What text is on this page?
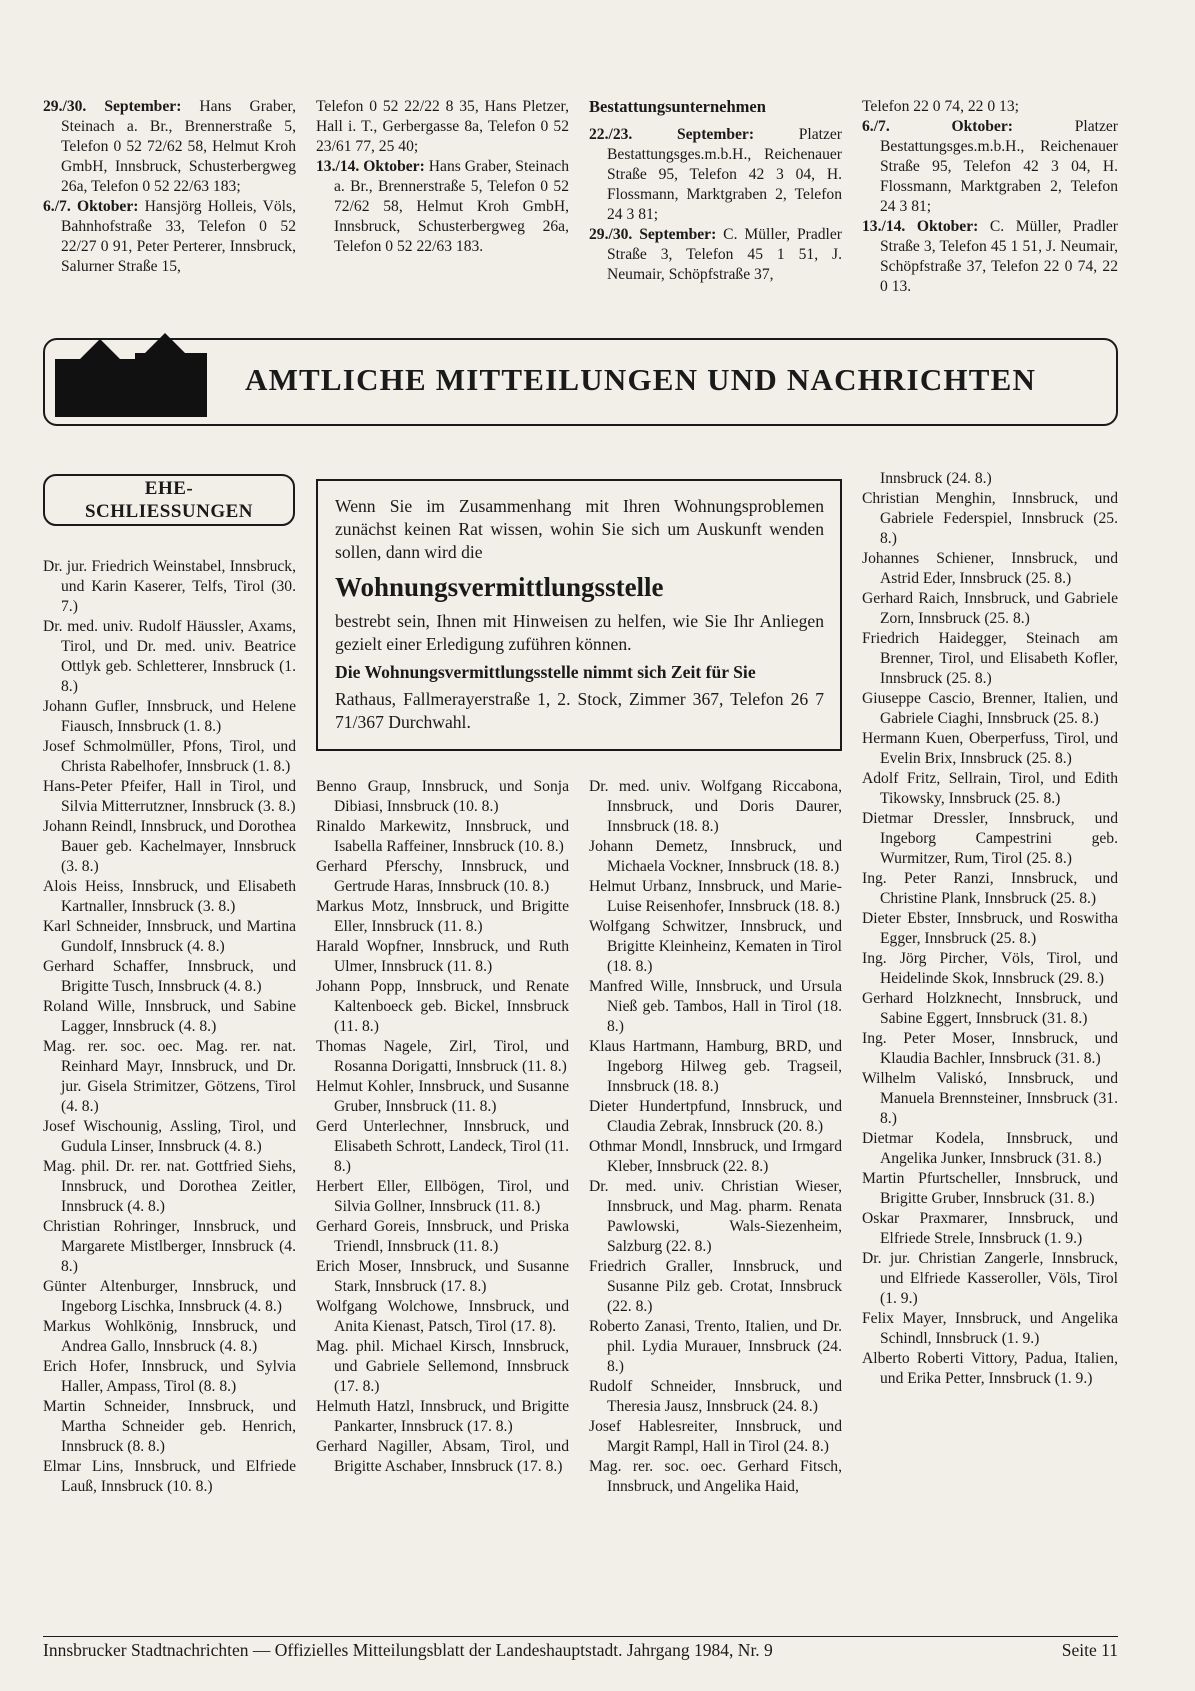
29./30. September: Hans Graber, Steinach a. Br., Brennerstraße 5, Telefon 0 52 72/62 58, Helmut Kroh GmbH, Innsbruck, Schusterbergweg 26a, Telefon 0 52 22/63 183;

6./7. Oktober: Hansjörg Holleis, Völs, Bahnhofstraße 33, Telefon 0 52 22/27 0 91, Peter Perterer, Innsbruck, Salurner Straße 15,

Telefon 0 52 22/22 8 35, Hans Pletzer, Hall i. T., Gerbergasse 8a, Telefon 0 52 23/61 77, 25 40;

13./14. Oktober: Hans Graber, Steinach a. Br., Brennerstraße 5, Telefon 0 52 72/62 58, Helmut Kroh GmbH, Innsbruck, Schusterbergweg 26a, Telefon 0 52 22/63 183.

Bestattungsunternehmen

22./23. September: Platzer Bestattungsges.m.b.H., Reichenauer Straße 95, Telefon 42 3 04, H. Flossmann, Marktgraben 2, Telefon 24 3 81;

29./30. September: C. Müller, Pradler Straße 3, Telefon 45 1 51, J. Neumair, Schöpfstraße 37,

Telefon 22 0 74, 22 0 13;

6./7. Oktober: Platzer Bestattungsges.m.b.H., Reichenauer Straße 95, Telefon 42 3 04, H. Flossmann, Marktgraben 2, Telefon 24 3 81;

13./14. Oktober: C. Müller, Pradler Straße 3, Telefon 45 1 51, J. Neumair, Schöpfstraße 37, Telefon 22 0 74, 22 0 13.

AMTLICHE MITTEILUNGEN UND NACHRICHTEN
EHE-
SCHLIESSUNGEN	Wenn Sie im Zusammenhang mit Ihren Wohnungsproblemen zunächst keinen Rat wissen, wohin Sie sich um Auskunft wenden sollen, dann wird die

Wohnungsvermittlungsstelle

bestrebt sein, Ihnen mit Hinweisen zu helfen, wie Sie Ihr Anliegen gezielt einer Erledigung zuführen können.

Die Wohnungsvermittlungsstelle nimmt sich Zeit für Sie

Rathaus, Fallmerayerstraße 1, 2. Stock, Zimmer 367, Telefon 26 7 71/367 Durchwahl.

Dr. jur. Friedrich Weinstabel, Innsbruck, und Karin Kaserer, Telfs, Tirol (30. 7.)

Dr. med. univ. Rudolf Häussler, Axams, Tirol, und Dr. med. univ. Beatrice Ottlyk geb. Schletterer, Innsbruck (1. 8.)

Johann Gufler, Innsbruck, und Helene Fiausch, Innsbruck (1. 8.)

Josef Schmolmüller, Pfons, Tirol, und Christa Rabelhofer, Innsbruck (1. 8.)

Hans-Peter Pfeifer, Hall in Tirol, und Silvia Mitterrutzner, Innsbruck (3. 8.)

Johann Reindl, Innsbruck, und Dorothea Bauer geb. Kachelmayer, Innsbruck (3. 8.)

Alois Heiss, Innsbruck, und Elisabeth Kartnaller, Innsbruck (3. 8.)

Karl Schneider, Innsbruck, und Martina Gundolf, Innsbruck (4. 8.)

Gerhard Schaffer, Innsbruck, und Brigitte Tusch, Innsbruck (4. 8.)

Roland Wille, Innsbruck, und Sabine Lagger, Innsbruck (4. 8.)

Mag. rer. soc. oec. Mag. rer. nat. Reinhard Mayr, Innsbruck, und Dr. jur. Gisela Strimitzer, Götzens, Tirol (4. 8.)

Josef Wischounig, Assling, Tirol, und Gudula Linser, Innsbruck (4. 8.)

Mag. phil. Dr. rer. nat. Gottfried Siehs, Innsbruck, und Dorothea Zeitler, Innsbruck (4. 8.)

Christian Rohringer, Innsbruck, und Margarete Mistlberger, Innsbruck (4. 8.)

Günter Altenburger, Innsbruck, und Ingeborg Lischka, Innsbruck (4. 8.)

Markus Wohlkönig, Innsbruck, und Andrea Gallo, Innsbruck (4. 8.)

Erich Hofer, Innsbruck, und Sylvia Haller, Ampass, Tirol (8. 8.)

Martin Schneider, Innsbruck, und Martha Schneider geb. Henrich, Innsbruck (8. 8.)

Elmar Lins, Innsbruck, und Elfriede Lauß, Innsbruck (10. 8.)

Benno Graup, Innsbruck, und Sonja Dibiasi, Innsbruck (10. 8.)

Rinaldo Markewitz, Innsbruck, und Isabella Raffeiner, Innsbruck (10. 8.)

Gerhard Pferschy, Innsbruck, und Gertrude Haras, Innsbruck (10. 8.)

Markus Motz, Innsbruck, und Brigitte Eller, Innsbruck (11. 8.)

Harald Wopfner, Innsbruck, und Ruth Ulmer, Innsbruck (11. 8.)

Johann Popp, Innsbruck, und Renate Kaltenboeck geb. Bickel, Innsbruck (11. 8.)

Thomas Nagele, Zirl, Tirol, und Rosanna Dorigatti, Innsbruck (11. 8.)

Helmut Kohler, Innsbruck, und Susanne Gruber, Innsbruck (11. 8.)

Gerd Unterlechner, Innsbruck, und Elisabeth Schrott, Landeck, Tirol (11. 8.)

Herbert Eller, Ellbögen, Tirol, und Silvia Gollner, Innsbruck (11. 8.)

Gerhard Goreis, Innsbruck, und Priska Triendl, Innsbruck (11. 8.)

Erich Moser, Innsbruck, und Susanne Stark, Innsbruck (17. 8.)

Wolfgang Wolchowe, Innsbruck, und Anita Kienast, Patsch, Tirol (17. 8).

Mag. phil. Michael Kirsch, Innsbruck, und Gabriele Sellemond, Innsbruck (17. 8.)

Helmuth Hatzl, Innsbruck, und Brigitte Pankarter, Innsbruck (17. 8.)

Gerhard Nagiller, Absam, Tirol, und Brigitte Aschaber, Innsbruck (17. 8.)

Dr. med. univ. Wolfgang Riccabona, Innsbruck, und Doris Daurer, Innsbruck (18. 8.)

Johann Demetz, Innsbruck, und Michaela Vockner, Innsbruck (18. 8.)

Helmut Urbanz, Innsbruck, und Marie-Luise Reisenhofer, Innsbruck (18. 8.)

Wolfgang Schwitzer, Innsbruck, und Brigitte Kleinheinz, Kematen in Tirol (18. 8.)

Manfred Wille, Innsbruck, und Ursula Nieß geb. Tambos, Hall in Tirol (18. 8.)

Klaus Hartmann, Hamburg, BRD, und Ingeborg Hilweg geb. Tragseil, Innsbruck (18. 8.)

Dieter Hundertpfund, Innsbruck, und Claudia Zebrak, Innsbruck (20. 8.)

Othmar Mondl, Innsbruck, und Irmgard Kleber, Innsbruck (22. 8.)

Dr. med. univ. Christian Wieser, Innsbruck, und Mag. pharm. Renata Pawlowski, Wals-Siezenheim, Salzburg (22. 8.)

Friedrich Graller, Innsbruck, und Susanne Pilz geb. Crotat, Innsbruck (22. 8.)

Roberto Zanasi, Trento, Italien, und Dr. phil. Lydia Murauer, Innsbruck (24. 8.)

Rudolf Schneider, Innsbruck, und Theresia Jausz, Innsbruck (24. 8.)

Josef Hablesreiter, Innsbruck, und Margit Rampl, Hall in Tirol (24. 8.)

Mag. rer. soc. oec. Gerhard Fitsch, Innsbruck, und Angelika Haid,

Innsbruck (24. 8.)

Christian Menghin, Innsbruck, und Gabriele Federspiel, Innsbruck (25. 8.)

Johannes Schiener, Innsbruck, und Astrid Eder, Innsbruck (25. 8.)

Gerhard Raich, Innsbruck, und Gabriele Zorn, Innsbruck (25. 8.)

Friedrich Haidegger, Steinach am Brenner, Tirol, und Elisabeth Kofler, Innsbruck (25. 8.)

Giuseppe Cascio, Brenner, Italien, und Gabriele Ciaghi, Innsbruck (25. 8.)

Hermann Kuen, Oberperfuss, Tirol, und Evelin Brix, Innsbruck (25. 8.)

Adolf Fritz, Sellrain, Tirol, und Edith Tikowsky, Innsbruck (25. 8.)

Dietmar Dressler, Innsbruck, und Ingeborg Campestrini geb. Wurmitzer, Rum, Tirol (25. 8.)

Ing. Peter Ranzi, Innsbruck, und Christine Plank, Innsbruck (25. 8.)

Dieter Ebster, Innsbruck, und Roswitha Egger, Innsbruck (25. 8.)

Ing. Jörg Pircher, Völs, Tirol, und Heidelinde Skok, Innsbruck (29. 8.)

Gerhard Holzknecht, Innsbruck, und Sabine Eggert, Innsbruck (31. 8.)

Ing. Peter Moser, Innsbruck, und Klaudia Bachler, Innsbruck (31. 8.)

Wilhelm Valiskó, Innsbruck, und Manuela Brennsteiner, Innsbruck (31. 8.)

Dietmar Kodela, Innsbruck, und Angelika Junker, Innsbruck (31. 8.)

Martin Pfurtscheller, Innsbruck, und Brigitte Gruber, Innsbruck (31. 8.)

Oskar Praxmarer, Innsbruck, und Elfriede Strele, Innsbruck (1. 9.)

Dr. jur. Christian Zangerle, Innsbruck, und Elfriede Kasseroller, Völs, Tirol (1. 9.)

Felix Mayer, Innsbruck, und Angelika Schindl, Innsbruck (1. 9.)

Alberto Roberti Vittory, Padua, Italien, und Erika Petter, Innsbruck (1. 9.)

Innsbrucker Stadtnachrichten — Offizielles Mitteilungsblatt der Landeshauptstadt. Jahrgang 1984, Nr. 9	Seite 11
